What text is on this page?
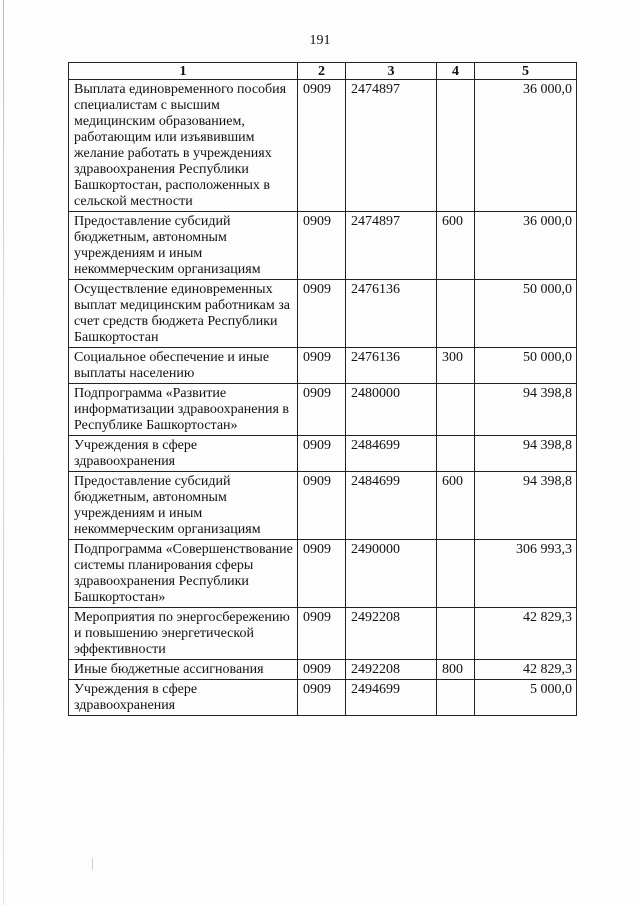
191
1	2	3	4	5
Выплата единовременного пособия специалистам с высшим медицинским образованием, работающим или изъявившим желание работать в учреждениях здравоохранения Республики Башкортостан, расположенных в сельской местности	0909	2474897		36 000,0
Предоставление субсидий бюджетным, автономным учреждениям и иным некоммерческим организациям	0909	2474897	600	36 000,0
Осуществление единовременных выплат медицинским работникам за счет средств бюджета Республики Башкортостан	0909	2476136		50 000,0
Социальное обеспечение и иные выплаты населению	0909	2476136	300	50 000,0
Подпрограмма «Развитие информатизации здравоохранения в Республике Башкортостан»	0909	2480000		94 398,8
Учреждения в сфере здравоохранения	0909	2484699		94 398,8
Предоставление субсидий бюджетным, автономным учреждениям и иным некоммерческим организациям	0909	2484699	600	94 398,8
Подпрограмма «Совершенствование системы планирования сферы здравоохранения Республики Башкортостан»	0909	2490000		306 993,3
Мероприятия по энергосбережению и повышению энергетической эффективности	0909	2492208		42 829,3
Иные бюджетные ассигнования	0909	2492208	800	42 829,3
Учреждения в сфере здравоохранения	0909	2494699		5 000,0
